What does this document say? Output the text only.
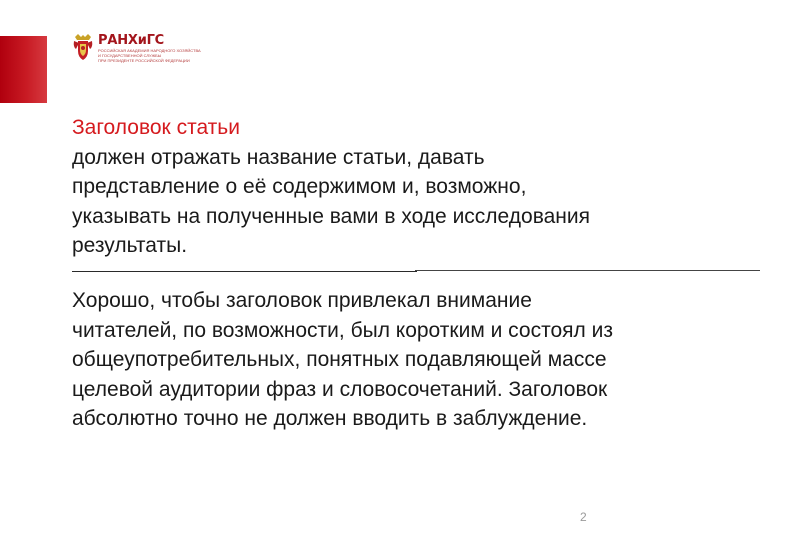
РАНХиГС
РОССИЙСКАЯ АКАДЕМИЯ НАРОДНОГО ХОЗЯЙСТВА
И ГОСУДАРСТВЕННОЙ СЛУЖБЫ
ПРИ ПРЕЗИДЕНТЕ РОССИЙСКОЙ ФЕДЕРАЦИИ
Заголовок статьи
должен отражать название статьи, давать
представление о её содержимом и, возможно,
указывать на полученные вами в ходе исследования
результаты.
Хорошо, чтобы заголовок привлекал внимание
читателей, по возможности, был коротким и состоял из
общеупотребительных, понятных подавляющей массе
целевой аудитории фраз и словосочетаний. Заголовок
абсолютно точно не должен вводить в заблуждение.
2
